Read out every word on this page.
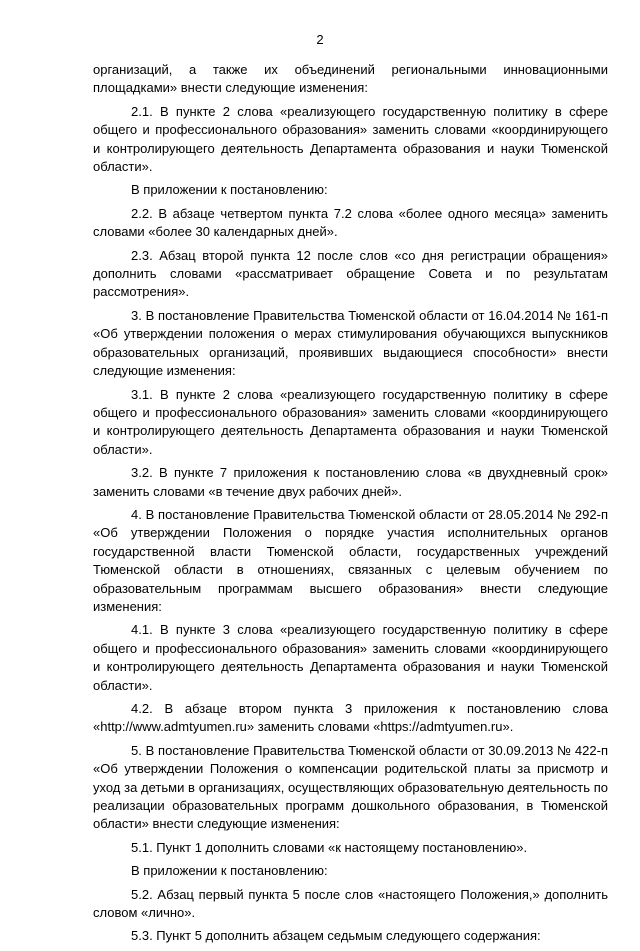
2

организаций, а также их объединений региональными инновационными площадками» внести следующие изменения:

2.1. В пункте 2 слова «реализующего государственную политику в сфере общего и профессионального образования» заменить словами «координирующего и контролирующего деятельность Департамента образования и науки Тюменской области».

В приложении к постановлению:

2.2. В абзаце четвертом пункта 7.2 слова «более одного месяца» заменить словами «более 30 календарных дней».

2.3. Абзац второй пункта 12 после слов «со дня регистрации обращения» дополнить словами «рассматривает обращение Совета и по результатам рассмотрения».

3. В постановление Правительства Тюменской области от 16.04.2014 № 161-п «Об утверждении положения о мерах стимулирования обучающихся выпускников образовательных организаций, проявивших выдающиеся способности» внести следующие изменения:

3.1. В пункте 2 слова «реализующего государственную политику в сфере общего и профессионального образования» заменить словами «координирующего и контролирующего деятельность Департамента образования и науки Тюменской области».

3.2. В пункте 7 приложения к постановлению слова «в двухдневный срок» заменить словами «в течение двух рабочих дней».

4. В постановление Правительства Тюменской области от 28.05.2014 № 292-п «Об утверждении Положения о порядке участия исполнительных органов государственной власти Тюменской области, государственных учреждений Тюменской области в отношениях, связанных с целевым обучением по образовательным программам высшего образования» внести следующие изменения:

4.1. В пункте 3 слова «реализующего государственную политику в сфере общего и профессионального образования» заменить словами «координирующего и контролирующего деятельность Департамента образования и науки Тюменской области».

4.2. В абзаце втором пункта 3 приложения к постановлению слова «http://www.admtyumen.ru» заменить словами «https://admtyumen.ru».

5. В постановление Правительства Тюменской области от 30.09.2013 № 422-п «Об утверждении Положения о компенсации родительской платы за присмотр и уход за детьми в организациях, осуществляющих образовательную деятельность по реализации образовательных программ дошкольного образования, в Тюменской области» внести следующие изменения:

5.1. Пункт 1 дополнить словами «к настоящему постановлению».

В приложении к постановлению:

5.2. Абзац первый пункта 5 после слов «настоящего Положения,» дополнить словом «лично».

5.3. Пункт 5 дополнить абзацем седьмым следующего содержания:
